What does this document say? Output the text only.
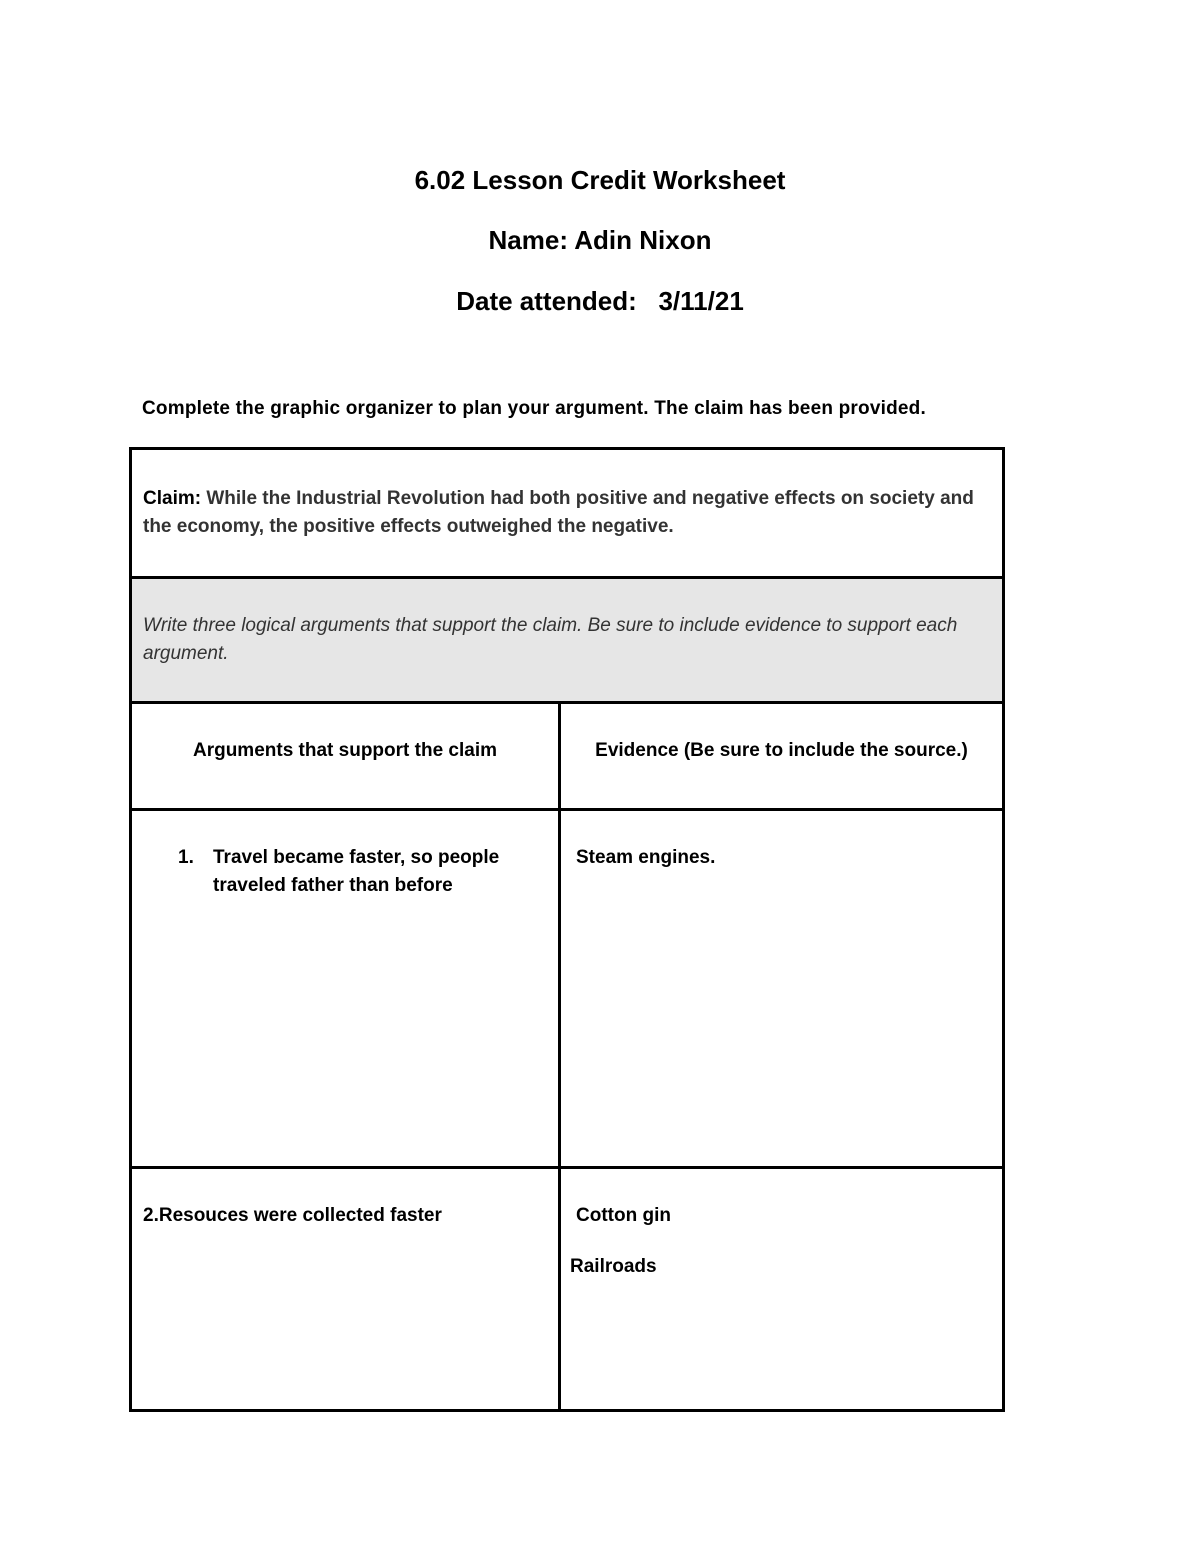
6.02 Lesson Credit Worksheet
Name: Adin Nixon
Date attended:   3/11/21
Complete the graphic organizer to plan your argument. The claim has been provided.
Claim: While the Industrial Revolution had both positive and negative effects on society and the economy, the positive effects outweighed the negative.	

Write three logical arguments that support the claim. Be sure to include evidence to support each argument.	

Arguments that support the claim	Evidence (Be sure to include the source.)

1. Travel became faster, so people traveled father than before	Steam engines.

2.Resouces were collected faster	Cotton gin
Railroads
